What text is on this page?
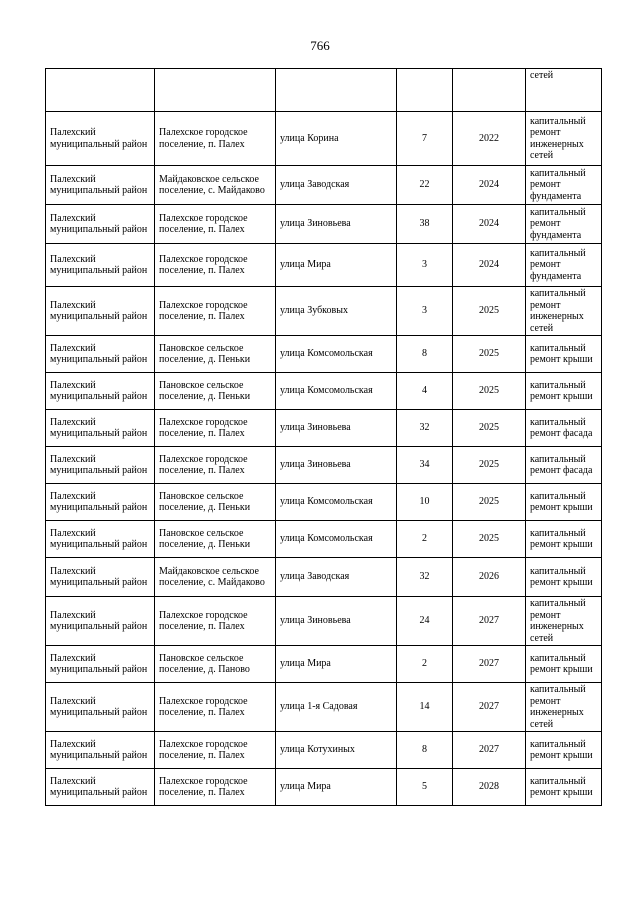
766
					сетей
Палехский муниципальный район	Палехское городское поселение, п. Палех	улица Корина	7	2022	капитальный ремонт инженерных сетей
Палехский муниципальный район	Майдаковское сельское поселение, с. Майдаково	улица Заводская	22	2024	капитальный ремонт фундамента
Палехский муниципальный район	Палехское городское поселение, п. Палех	улица Зиновьева	38	2024	капитальный ремонт фундамента
Палехский муниципальный район	Палехское городское поселение, п. Палех	улица Мира	3	2024	капитальный ремонт фундамента
Палехский муниципальный район	Палехское городское поселение, п. Палех	улица Зубковых	3	2025	капитальный ремонт инженерных сетей
Палехский муниципальный район	Пановское сельское поселение, д. Пеньки	улица Комсомольская	8	2025	капитальный ремонт крыши
Палехский муниципальный район	Пановское сельское поселение, д. Пеньки	улица Комсомольская	4	2025	капитальный ремонт крыши
Палехский муниципальный район	Палехское городское поселение, п. Палех	улица Зиновьева	32	2025	капитальный ремонт фасада
Палехский муниципальный район	Палехское городское поселение, п. Палех	улица Зиновьева	34	2025	капитальный ремонт фасада
Палехский муниципальный район	Пановское сельское поселение, д. Пеньки	улица Комсомольская	10	2025	капитальный ремонт крыши
Палехский муниципальный район	Пановское сельское поселение, д. Пеньки	улица Комсомольская	2	2025	капитальный ремонт крыши
Палехский муниципальный район	Майдаковское сельское поселение, с. Майдаково	улица Заводская	32	2026	капитальный ремонт крыши
Палехский муниципальный район	Палехское городское поселение, п. Палех	улица Зиновьева	24	2027	капитальный ремонт инженерных сетей
Палехский муниципальный район	Пановское сельское поселение, д. Паново	улица Мира	2	2027	капитальный ремонт крыши
Палехский муниципальный район	Палехское городское поселение, п. Палех	улица 1-я Садовая	14	2027	капитальный ремонт инженерных сетей
Палехский муниципальный район	Палехское городское поселение, п. Палех	улица Котухиных	8	2027	капитальный ремонт крыши
Палехский муниципальный район	Палехское городское поселение, п. Палех	улица Мира	5	2028	капитальный ремонт крыши
